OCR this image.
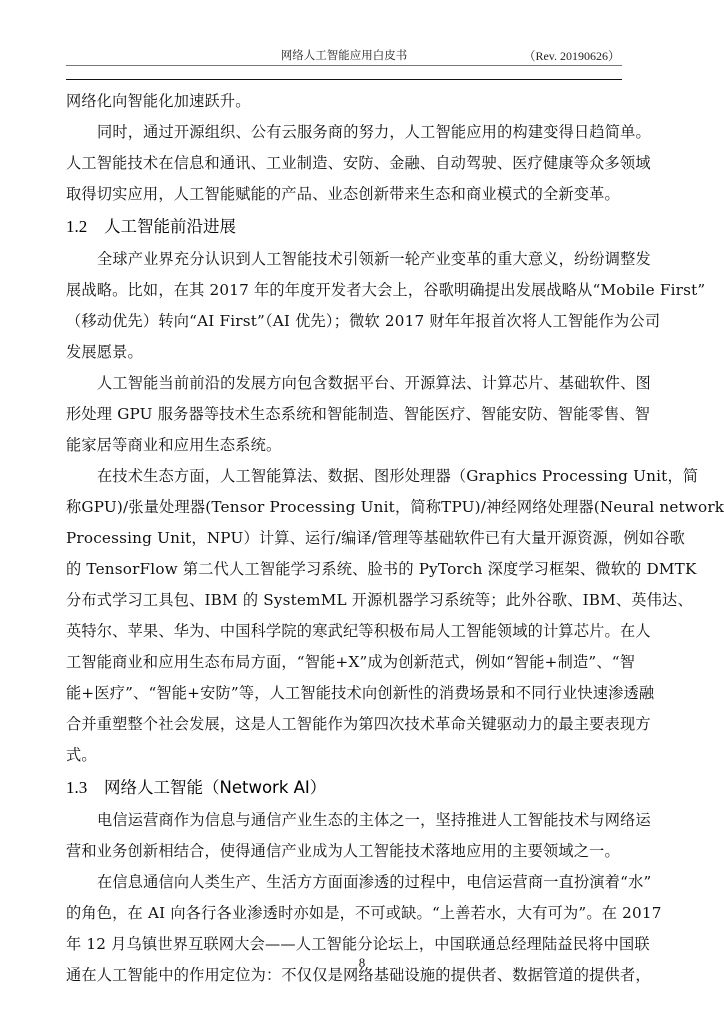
网络人工智能应用白皮书	（Rev. 20190626）
网络化向智能化加速跃升。
同时，通过开源组织、公有云服务商的努力，人工智能应用的构建变得日趋简单。
人工智能技术在信息和通讯、工业制造、安防、金融、自动驾驶、医疗健康等众多领域
取得切实应用，人工智能赋能的产品、业态创新带来生态和商业模式的全新变革。
1.2 人工智能前沿进展
全球产业界充分认识到人工智能技术引领新一轮产业变革的重大意义，纷纷调整发
展战略。比如，在其 2017 年的年度开发者大会上，谷歌明确提出发展战略从“Mobile First”
（移动优先）转向“AI First”（AI 优先）；微软 2017 财年年报首次将人工智能作为公司
发展愿景。
人工智能当前前沿的发展方向包含数据平台、开源算法、计算芯片、基础软件、图
形处理 GPU 服务器等技术生态系统和智能制造、智能医疗、智能安防、智能零售、智
能家居等商业和应用生态系统。
在技术生态方面，人工智能算法、数据、图形处理器（Graphics Processing Unit，简
称GPU)/张量处理器(Tensor Processing Unit，简称TPU)/神经网络处理器(Neural network
Processing Unit，NPU）计算、运行/编译/管理等基础软件已有大量开源资源，例如谷歌
的 TensorFlow 第二代人工智能学习系统、脸书的 PyTorch 深度学习框架、微软的 DMTK
分布式学习工具包、IBM 的 SystemML 开源机器学习系统等；此外谷歌、IBM、英伟达、
英特尔、苹果、华为、中国科学院的寒武纪等积极布局人工智能领域的计算芯片。在人
工智能商业和应用生态布局方面，“智能+X”成为创新范式，例如“智能+制造”、“智
能+医疗”、“智能+安防”等，人工智能技术向创新性的消费场景和不同行业快速渗透融
合并重塑整个社会发展，这是人工智能作为第四次技术革命关键驱动力的最主要表现方
式。
1.3 网络人工智能（Network AI）
电信运营商作为信息与通信产业生态的主体之一，坚持推进人工智能技术与网络运
营和业务创新相结合，使得通信产业成为人工智能技术落地应用的主要领域之一。
在信息通信向人类生产、生活方方面面渗透的过程中，电信运营商一直扮演着“水”
的角色，在 AI 向各行各业渗透时亦如是，不可或缺。“上善若水，大有可为”。在 2017
年 12 月乌镇世界互联网大会——人工智能分论坛上，中国联通总经理陆益民将中国联
通在人工智能中的作用定位为：不仅仅是网络基础设施的提供者、数据管道的提供者，
8
